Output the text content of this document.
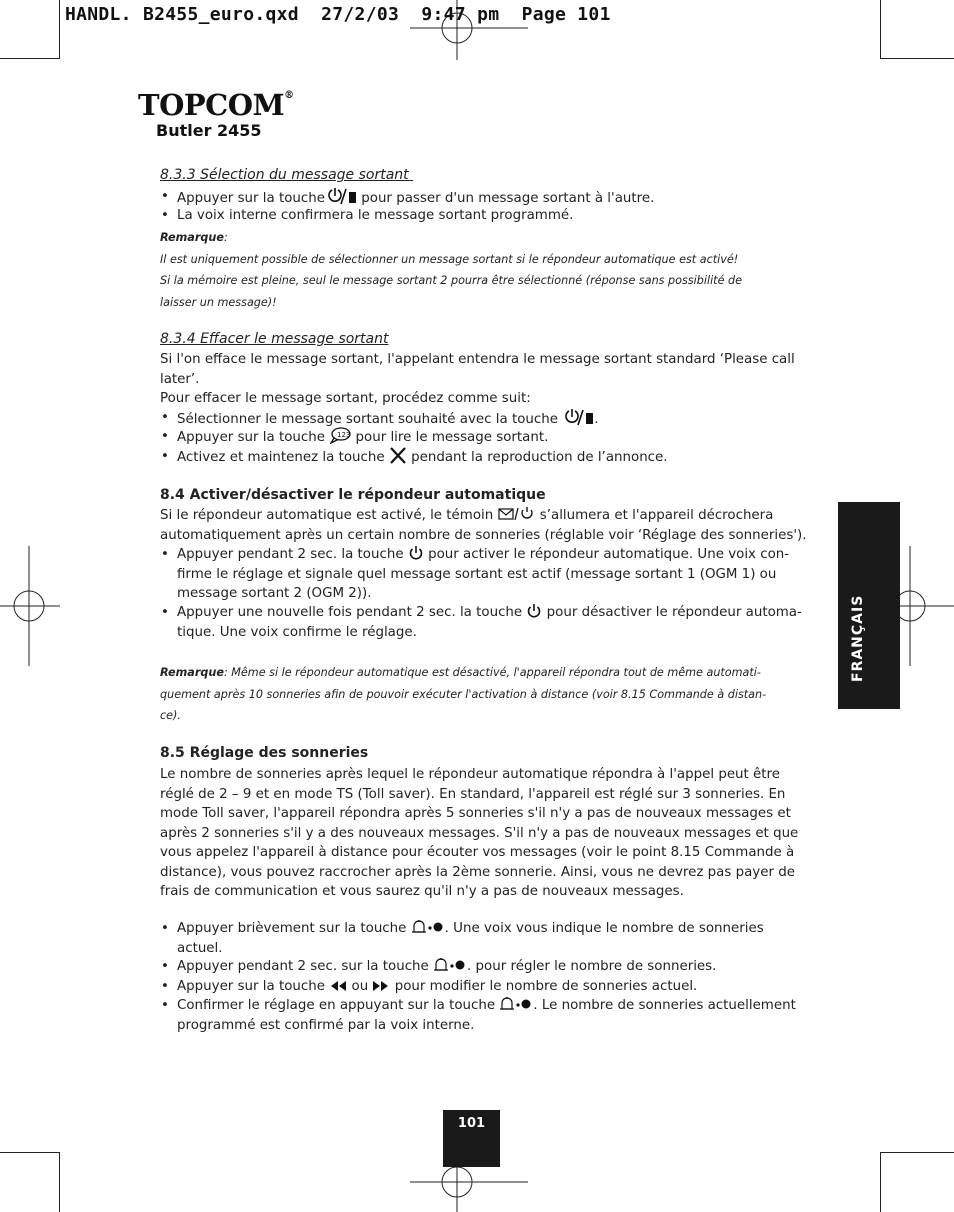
HANDL. B2455_euro.qxd  27/2/03  9:47 pm  Page 101
TOPCOM®
Butler 2455
8.3.3 Sélection du message sortant
• Appuyer sur la touche pour passer d'un message sortant à l'autre.
• La voix interne confirmera le message sortant programmé.
Remarque:
Il est uniquement possible de sélectionner un message sortant si le répondeur automatique est activé!
Si la mémoire est pleine, seul le message sortant 2 pourra être sélectionné (réponse sans possibilité de
laisser un message)!
8.3.4 Effacer le message sortant
Si l'on efface le message sortant, l'appelant entendra le message sortant standard ‘Please call
later’.
Pour effacer le message sortant, procédez comme suit:
• Sélectionner le message sortant souhaité avec la touche .
• Appuyer sur la touche 123 pour lire le message sortant.
• Activez et maintenez la touche  pendant la reproduction de l’annonce.
8.4 Activer/désactiver le répondeur automatique
Si le répondeur automatique est activé, le témoin	s’allumera et l'appareil décrochera
automatiquement après un certain nombre de sonneries (réglable voir ‘Réglage des sonneries').
• Appuyer pendant 2 sec. la touche  pour activer le répondeur automatique. Une voix con-
firme le réglage et signale quel message sortant est actif (message sortant 1 (OGM 1) ou
message sortant 2 (OGM 2)).
• Appuyer une nouvelle fois pendant 2 sec. la touche  pour désactiver le répondeur automa-
tique. Une voix confirme le réglage.
Remarque: Même si le répondeur automatique est désactivé, l'appareil répondra tout de même automati-
quement après 10 sonneries afin de pouvoir exécuter l'activation à distance (voir 8.15 Commande à distan-
ce).
8.5 Réglage des sonneries
Le nombre de sonneries après lequel le répondeur automatique répondra à l'appel peut être
réglé de 2 – 9 et en mode TS (Toll saver). En standard, l'appareil est réglé sur 3 sonneries. En
mode Toll saver, l'appareil répondra après 5 sonneries s'il n'y a pas de nouveaux messages et
après 2 sonneries s'il y a des nouveaux messages. S'il n'y a pas de nouveaux messages et que
vous appelez l'appareil à distance pour écouter vos messages (voir le point 8.15 Commande à
distance), vous pouvez raccrocher après la 2ème sonnerie. Ainsi, vous ne devrez pas payer de
frais de communication et vous saurez qu'il n'y a pas de nouveaux messages.
• Appuyer brièvement sur la touche	. Une voix vous indique le nombre de sonneries
actuel.
• Appuyer pendant 2 sec. sur la touche	. pour régler le nombre de sonneries.
• Appuyer sur la touche  ou  pour modifier le nombre de sonneries actuel.
• Confirmer le réglage en appuyant sur la touche	. Le nombre de sonneries actuellement
programmé est confirmé par la voix interne.
FRANÇAIS
101
